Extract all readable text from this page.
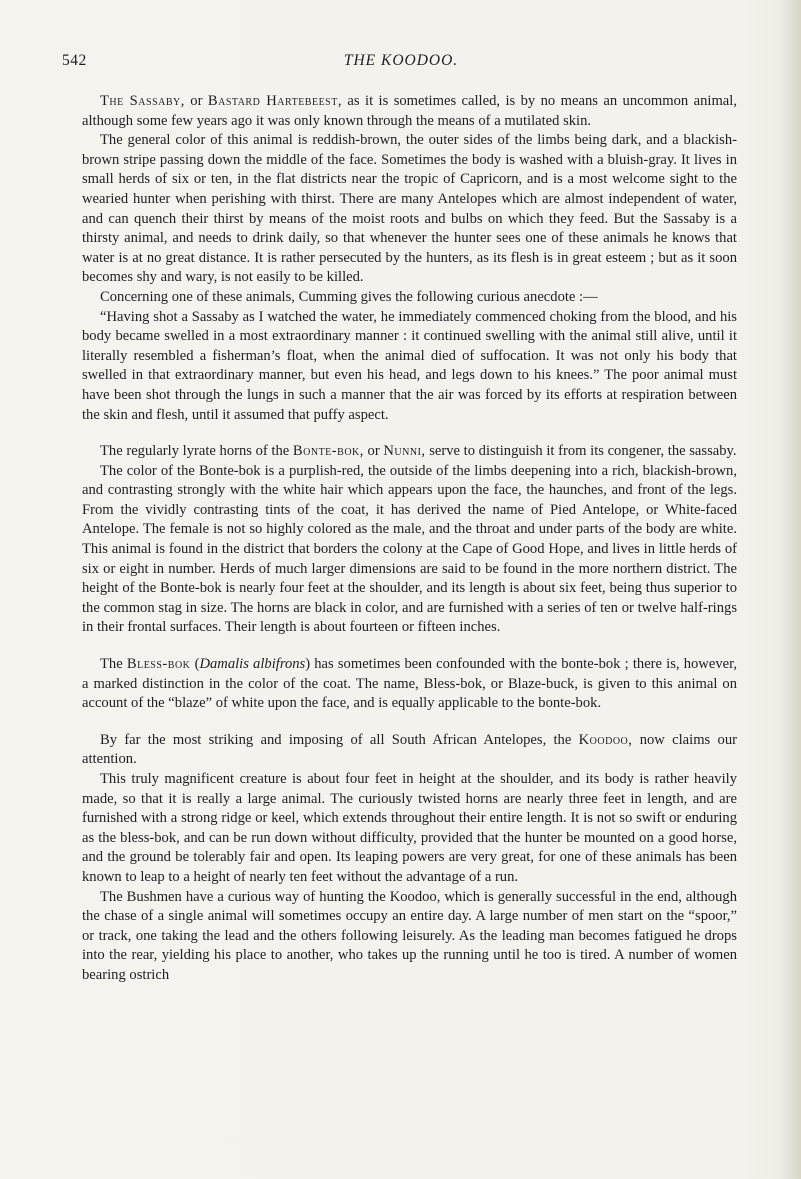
542	THE KOODOO.

The Sassaby, or Bastard Hartebeest, as it is sometimes called, is by no means an uncommon animal, although some few years ago it was only known through the means of a mutilated skin.

The general color of this animal is reddish-brown, the outer sides of the limbs being dark, and a blackish-brown stripe passing down the middle of the face. Sometimes the body is washed with a bluish-gray. It lives in small herds of six or ten, in the flat districts near the tropic of Capricorn, and is a most welcome sight to the wearied hunter when perishing with thirst. There are many Antelopes which are almost independent of water, and can quench their thirst by means of the moist roots and bulbs on which they feed. But the Sassaby is a thirsty animal, and needs to drink daily, so that whenever the hunter sees one of these animals he knows that water is at no great distance. It is rather persecuted by the hunters, as its flesh is in great esteem ; but as it soon becomes shy and wary, is not easily to be killed.

Concerning one of these animals, Cumming gives the following curious anecdote :—

“Having shot a Sassaby as I watched the water, he immediately commenced choking from the blood, and his body became swelled in a most extraordinary manner : it continued swelling with the animal still alive, until it literally resembled a fisherman’s float, when the animal died of suffocation. It was not only his body that swelled in that extraordinary manner, but even his head, and legs down to his knees.” The poor animal must have been shot through the lungs in such a manner that the air was forced by its efforts at respiration between the skin and flesh, until it assumed that puffy aspect.

The regularly lyrate horns of the Bonte-bok, or Nunni, serve to distinguish it from its congener, the sassaby.

The color of the Bonte-bok is a purplish-red, the outside of the limbs deepening into a rich, blackish-brown, and contrasting strongly with the white hair which appears upon the face, the haunches, and front of the legs. From the vividly contrasting tints of the coat, it has derived the name of Pied Antelope, or White-faced Antelope. The female is not so highly colored as the male, and the throat and under parts of the body are white. This animal is found in the district that borders the colony at the Cape of Good Hope, and lives in little herds of six or eight in number. Herds of much larger dimensions are said to be found in the more northern district. The height of the Bonte-bok is nearly four feet at the shoulder, and its length is about six feet, being thus superior to the common stag in size. The horns are black in color, and are furnished with a series of ten or twelve half-rings in their frontal surfaces. Their length is about fourteen or fifteen inches.

The Bless-bok (Damalis albifrons) has sometimes been confounded with the bonte-bok ; there is, however, a marked distinction in the color of the coat. The name, Bless-bok, or Blaze-buck, is given to this animal on account of the “blaze” of white upon the face, and is equally applicable to the bonte-bok.

By far the most striking and imposing of all South African Antelopes, the Koodoo, now claims our attention.

This truly magnificent creature is about four feet in height at the shoulder, and its body is rather heavily made, so that it is really a large animal. The curiously twisted horns are nearly three feet in length, and are furnished with a strong ridge or keel, which extends throughout their entire length. It is not so swift or enduring as the bless-bok, and can be run down without difficulty, provided that the hunter be mounted on a good horse, and the ground be tolerably fair and open. Its leaping powers are very great, for one of these animals has been known to leap to a height of nearly ten feet without the advantage of a run.

The Bushmen have a curious way of hunting the Koodoo, which is generally successful in the end, although the chase of a single animal will sometimes occupy an entire day. A large number of men start on the “spoor,” or track, one taking the lead and the others following leisurely. As the leading man becomes fatigued he drops into the rear, yielding his place to another, who takes up the running until he too is tired. A number of women bearing ostrich
